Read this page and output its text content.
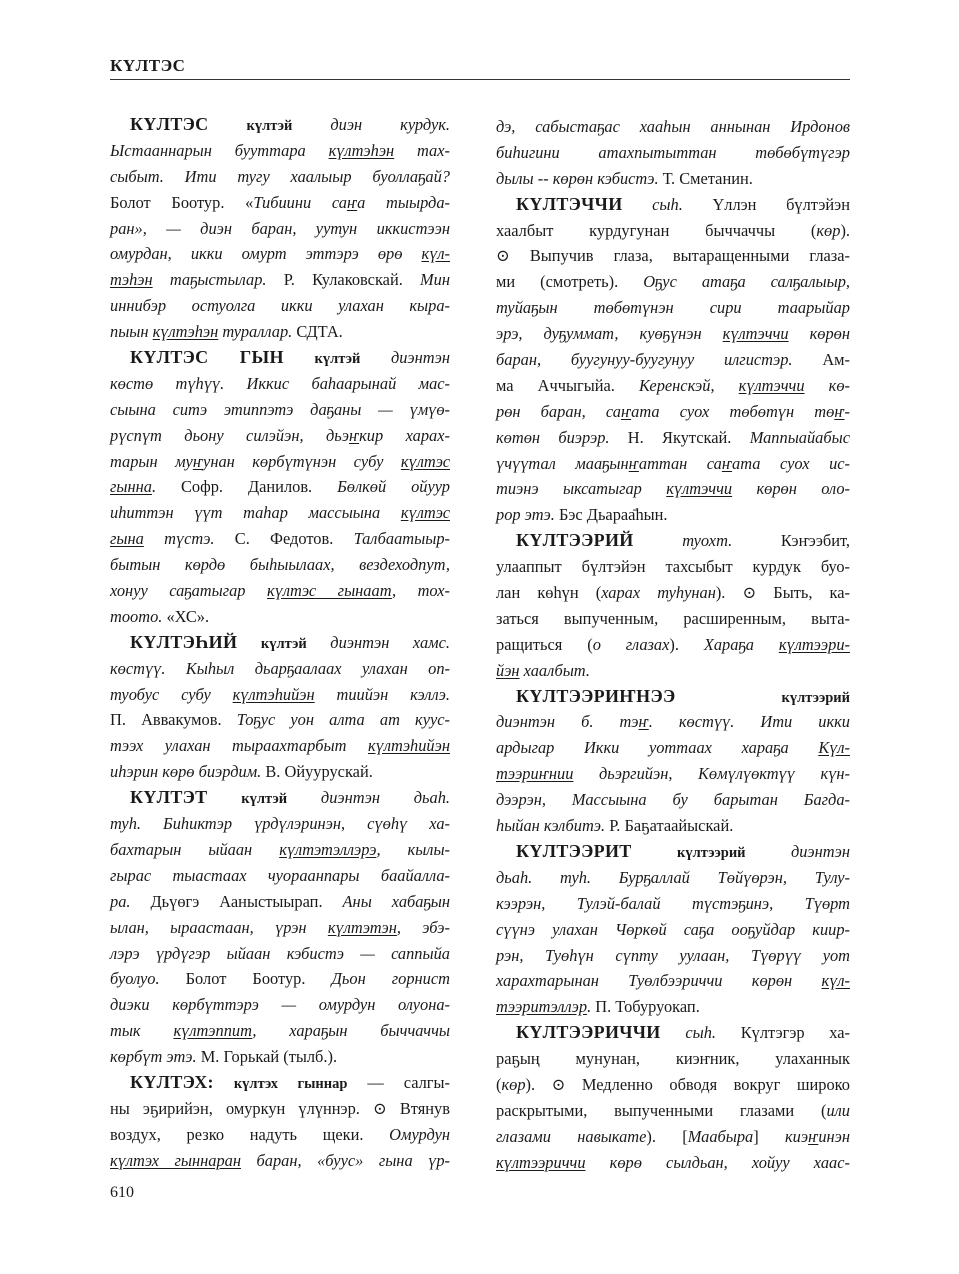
КҮЛТЭС
КҮЛТЭС	күлтэй диэн курдук.
Ыстааннарын бууттара күлтэһэн тах-
сыбыт. Ити тугу хаалыыр буоллаҕай?
Болот Боотур. «Тибиини саҥа тыырда-
ран», — диэн баран, уутун иккистээн
омурдан, икки омурт эттэрэ өрө күл-
тэһэн таҕыстылар. Р. Кулаковскай. Мин
иннибэр остуолга икки улахан кыра-
пыын күлтэһэн тураллар. СДТА.
КҮЛТЭС ГЫН күлтэй диэнтэн
көстө түһүү. Иккис баһаарынай мас-
сыына ситэ этиппэтэ даҕаны — үмүө-
рүспүт дьону силэйэн, дьэҥкир харах-
тарын муҥунан көрбүтүнэн субу күлтэс
гынна. Софр. Данилов. Бөлкөй ойуур
иһиттэн үүт таһар массыына күлтэс
гына түстэ. С. Федотов. Талбаатыыр-
бытын көрдө быһыылаах, вездеходпут,
хонуу саҕатыгар күлтэс гынаат, тох-
тоото. «ХС».
КҮЛТЭҺИЙ күлтэй диэнтэн хамс.
көстүү. Кыһыл дьарҕаалаах улахан оп-
туобус субу күлтэһийэн тиийэн кэллэ.
П. Аввакумов. Тоҕус уон алта ат кууc-
тээх улахан тыраахтарбыт күлтэһийэн
иһэрин көрө биэрдим. В. Ойуурускай.
КҮЛТЭТ күлтэй диэнтэн дьаһ.
туһ. Биһиктэр үрдүлэринэн, сүөһү ха-
бахтарын ыйаан күлтэтэллэрэ, кылы-
гырас тыастаах чуораанпары баайалла-
ра. Дьүөгэ Ааныстыырап. Аны хабаҕын
ылан, ыраастаан, үрэн күлтэтэн, эбэ-
лэрэ үрдүгэр ыйаан кэбистэ — саппыйа
буолуо. Болот Боотур. Дьон горнист
диэки көрбүттэрэ — омурдун олуона-
тык күлтэппит, хараҕын быччаччы
көрбүт этэ. М. Горькай (тылб.).
КҮЛТЭХ: күлтэх гыннар — салгы-
ны эҕирийэн, омуркун үлүннэр. ⊙ Втянув
воздух, резко надуть щеки. Омурдун
күлтэх гыннаран баран, «буус» гына үр-
дэ, сабыстаҕас хааһын аннынан Ирдонов
биһигини атахпытыттан төбөбүтүгэр
дылы -- көрөн кэбистэ. Т. Сметанин.
КҮЛТЭЧЧИ сыһ. Үллэн бүлтэйэн
хаалбыт курдугунан быччаччы (көр).
⊙ Выпучив глаза, вытаращенными глаза-
ми (смотреть). Оҕус атаҕа салҕалыыр,
туйаҕын төбөтүнэн сири таарыйар
эрэ, дуҕуммат, куөҕүнэн күлтэччи көрөн
баран, буугунуу-буугунуу илгистэр. Ам-
ма Аччыгыйа. Керенскэй, күлтэччи кө-
рөн баран, саҥата суох төбөтүн төҥ-
көтөн биэрэр. Н. Якутскай. Маппыайабыс
үчүүтал мааҕынҥаттан саҥата суох ис-
тиэнэ ыксатыгар күлтэччи көрөн оло-
рор этэ. Бэс Дьараа̄һын.
КҮЛТЭЭРИЙ	туохт. Кэҥээбит,
улааппыт бүлтэйэн тахсыбыт курдук буо-
лан көһүн (харах туһунан). ⊙ Быть, ка-
заться выпученным, расширенным, выта-
ращиться (о глазах). Хараҕа күлтээри-
йэн хаалбыт.
КҮЛТЭЭРИҤНЭЭ	күлтээрий
диэнтэн б. тэҥ. көстүү. Ити икки
ардыгар Икки уоттаах хараҕа Күл-
тээриҥнии дьэргийэн, Көмүлүөктүү күн-
дээрэн, Массыына бу барытан Багда-
һыйан кэлбитэ. Р. Баҕатаайыскай.
КҮЛТЭЭРИТ	күлтээрий	диэнтэн
дьаһ. туһ. Бурҕаллай Төйүөрэн, Тулу-
кээрэн, Тулэй-балай түстэҕинэ, Түөрт
сүүнэ улахан Чөркөй саҕа ооҕуйдар киир-
рэн, Туөһүн сүпту уулаан, Түөрүү уот
харахтарынан Туөлбээриччи көрөн күл-
тээритэллэр. П. Тобуруокап.
КҮЛТЭЭРИЧЧИ сыһ. Күлтэгэр ха-
раҕың мунунан, киэҥник, улаханнык
(көр). ⊙ Медленно обводя вокруг широко
раскрытыми, выпученными глазами (или
глазами навыкате). [Маабыра] киэҥинэн
күлтээриччи көрө сылдьан, хойуу хаас-
610
